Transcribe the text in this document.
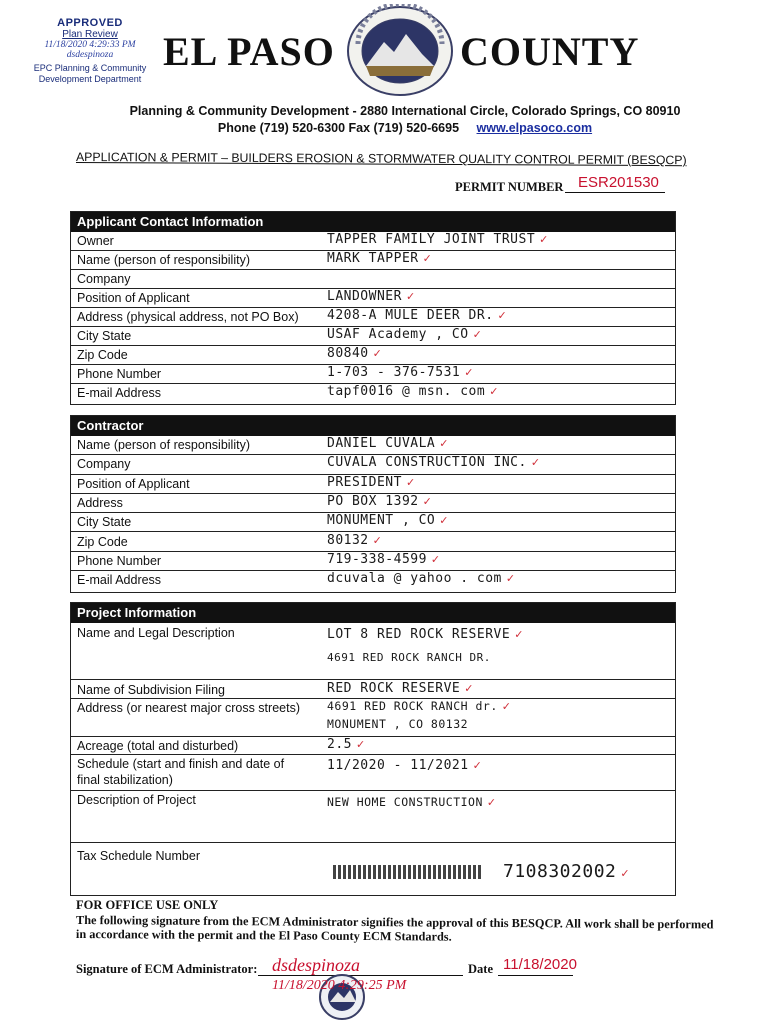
APPROVED
Plan Review
11/18/2020 4:29:33 PM
dsdespinoza
EPC Planning & Community
Development Department
EL PASO	COUNTY
Planning & Community Development - 2880 International Circle, Colorado Springs, CO 80910
Phone (719) 520-6300 Fax (719) 520-6695 www.elpasoco.com
APPLICATION & PERMIT – BUILDERS EROSION & STORMWATER QUALITY CONTROL PERMIT (BESQCP)
PERMIT NUMBER ESR201530
Applicant Contact Information
Owner	TAPPER FAMILY JOINT TRUST ✓
Name (person of responsibility)	MARK TAPPER ✓
Company
Position of Applicant	LANDOWNER ✓
Address (physical address, not PO Box)	4208-A MULE DEER DR. ✓
City State	USAF Academy , CO ✓
Zip Code	80840 ✓
Phone Number	1-703 - 376-7531 ✓
E-mail Address	tapf0016 @ msn. com ✓
Contractor
Name (person of responsibility)	DANIEL CUVALA ✓
Company	CUVALA CONSTRUCTION INC. ✓
Position of Applicant	PRESIDENT ✓
Address	PO BOX 1392 ✓
City State	MONUMENT , CO ✓
Zip Code	80132 ✓
Phone Number	719-338-4599 ✓
E-mail Address	dcuvala @ yahoo . com ✓
Project Information
Name and Legal Description	LOT 8 RED ROCK RESERVE ✓
4691 RED ROCK RANCH DR.
Name of Subdivision Filing	RED ROCK RESERVE ✓
Address (or nearest major cross streets)	4691 RED ROCK RANCH dr. ✓
MONUMENT , CO 80132
Acreage (total and disturbed)	2.5 ✓
Schedule (start and finish and date of
final stabilization)
11/2020 - 11/2021 ✓
Description of Project	NEW HOME CONSTRUCTION ✓
Tax Schedule Number
7108302002 ✓
FOR OFFICE USE ONLY
The following signature from the ECM Administrator signifies the approval of this BESQCP. All work shall be performed in accordance with the permit and the El Paso County ECM Standards.
Signature of ECM Administrator: dsdespinoza
11/18/2020 4:29:25 PM
Date 11/18/2020
